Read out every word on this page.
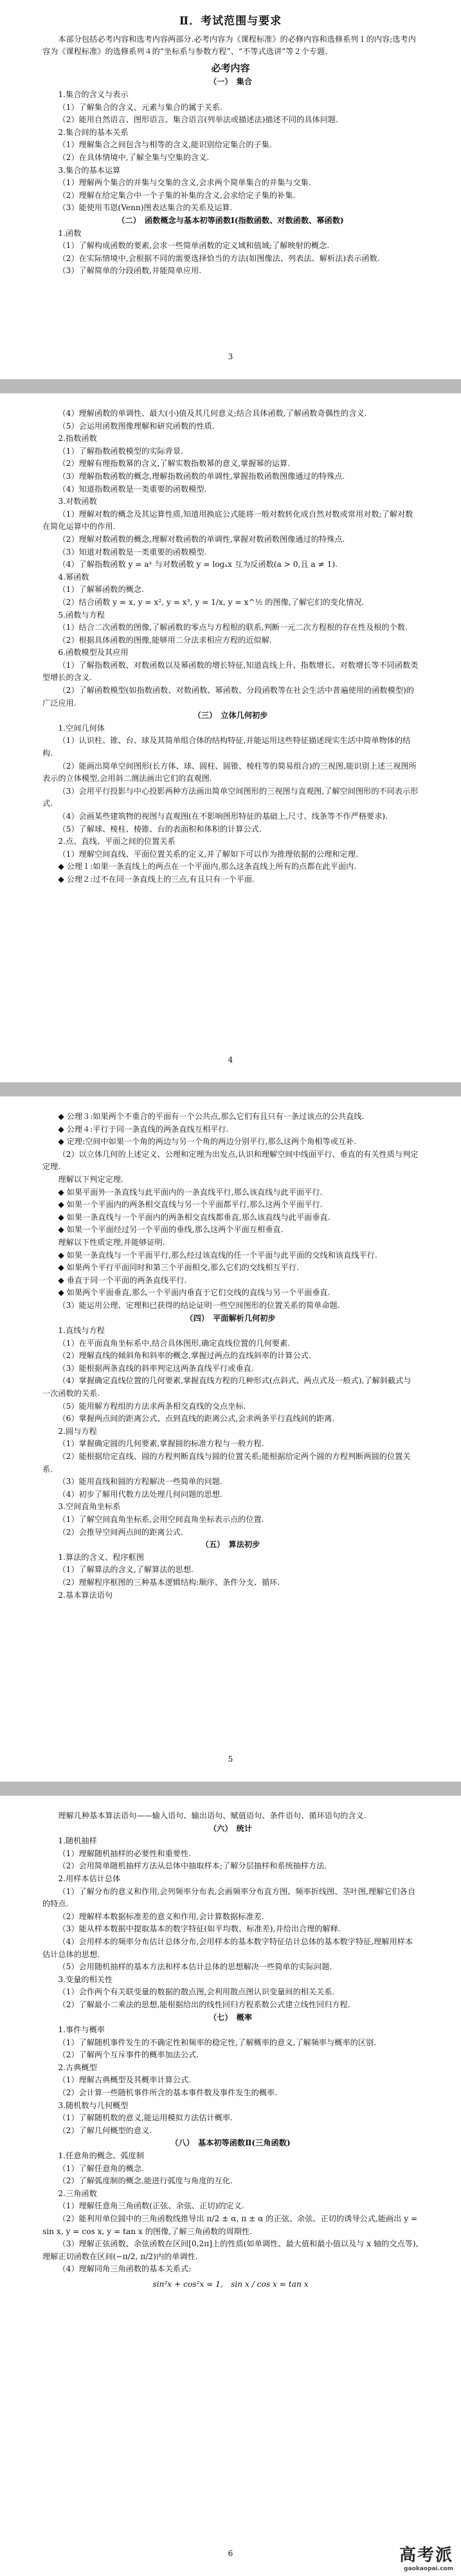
Ⅱ．考试范围与要求

本部分包括必考内容和选考内容两部分.必考内容为《课程标准》的必修内容和选修系列１的内容;选考内容为《课程标准》的选修系列４的“坐标系与参数方程”、“不等式选讲”等２个专题.

必考内容

（一）　集合

1.集合的含义与表示

（1）了解集合的含义、元素与集合的属于关系.

（2）能用自然语言、图形语言、集合语言(列举法或描述法)描述不同的具体问题.

2.集合间的基本关系

（1）理解集合之间包含与相等的含义,能识别给定集合的子集.

（2）在具体情境中,了解全集与空集的含义.

3.集合的基本运算

（1）理解两个集合的并集与交集的含义,会求两个简单集合的并集与交集.

（2）理解在给定集合中一个子集的补集的含义,会求给定子集的补集.

（3）能使用韦恩(Venn)图表达集合的关系及运算.

（二）　函数概念与基本初等函数Ⅰ(指数函数、对数函数、幂函数)

1.函数

（1）了解构成函数的要素,会求一些简单函数的定义域和值域;了解映射的概念.

（2）在实际情境中,会根据不同的需要选择恰当的方法(如图像法、列表法、解析法)表示函数.

（3）了解简单的分段函数,并能简单应用.

3

（4）理解函数的单调性、最大(小)值及其几何意义;结合具体函数,了解函数奇偶性的含义.

（5）会运用函数图像理解和研究函数的性质.

2.指数函数

（1）了解指数函数模型的实际背景.

（2）理解有理指数幂的含义,了解实数指数幂的意义,掌握幂的运算.

（3）理解指数函数的概念,理解指数函数的单调性,掌握指数函数图像通过的特殊点.

（4）知道指数函数是一类重要的函数模型.

3.对数函数

（1）理解对数的概念及其运算性质,知道用换底公式能将一般对数转化成自然对数或常用对数;了解对数在简化运算中的作用.

（2）理解对数函数的概念,理解对数函数的单调性,掌握对数函数图像通过的特殊点.

（3）知道对数函数是一类重要的函数模型.

（4）了解指数函数 y = aˣ 与对数函数 y = logₐx 互为反函数(a > 0,且 a ≠ 1).

4.幂函数

（1）了解幂函数的概念.

（2）结合函数 y = x, y = x², y = x³, y = 1/x, y = x^½ 的图像,了解它们的变化情况.

5.函数与方程

（1）结合二次函数的图像,了解函数的零点与方程根的联系,判断一元二次方程根的存在性及根的个数.

（2）根据具体函数的图像,能够用二分法求相应方程的近似解.

6.函数模型及其应用

（1）了解指数函数、对数函数以及幂函数的增长特征,知道直线上升、指数增长、对数增长等不同函数类型增长的含义.

（2）了解函数模型(如指数函数、对数函数、幂函数、分段函数等在社会生活中普遍使用的函数模型)的广泛应用.

（三）　立体几何初步

1.空间几何体

（1）认识柱、锥、台、球及其简单组合体的结构特征,并能运用这些特征描述现实生活中简单物体的结构.

（2）能画出简单空间图形(长方体、球、圆柱、圆锥、棱柱等的简易组合)的三视图,能识别上述三视图所表示的立体模型,会用斜二测法画出它们的直观图.

（3）会用平行投影与中心投影两种方法画出简单空间图形的三视图与直观图,了解空间图形的不同表示形式.

（4）会画某些建筑物的视图与直观图(在不影响图形特征的基础上,尺寸、线条等不作严格要求).

（5）了解球、棱柱、棱锥、台的表面积和体积的计算公式.

2.点、直线、平面之间的位置关系

（1）理解空间直线、平面位置关系的定义,并了解如下可以作为推理依据的公理和定理.

◆ 公理１:如果一条直线上的两点在一个平面内,那么这条直线上所有的点都在此平面内.

◆ 公理２:过不在同一条直线上的三点,有且只有一个平面.

4

◆ 公理３:如果两个不重合的平面有一个公共点,那么它们有且只有一条过该点的公共直线.

◆ 公理４:平行于同一条直线的两条直线互相平行.

◆ 定理:空间中如果一个角的两边与另一个角的两边分别平行,那么这两个角相等或互补.

（2）以立体几何的上述定义、公理和定理为出发点,认识和理解空间中线面平行、垂直的有关性质与判定定理.

理解以下判定定理.

◆ 如果平面外一条直线与此平面内的一条直线平行,那么该直线与此平面平行.

◆ 如果一个平面内的两条相交直线与另一个平面都平行,那么这两个平面平行.

◆ 如果一条直线与一个平面内的两条相交直线都垂直,那么该直线与此平面垂直.

◆ 如果一个平面经过另一个平面的垂线,那么这两个平面互相垂直.

理解以下性质定理,并能够证明.

◆ 如果一条直线与一个平面平行,那么经过该直线的任一个平面与此平面的交线和该直线平行.

◆ 如果两个平行平面同时和第三个平面相交,那么它们的交线相互平行.

◆ 垂直于同一个平面的两条直线平行.

◆ 如果两个平面垂直,那么一个平面内垂直于它们交线的直线与另一个平面垂直.

（3）能运用公理、定理和已获得的结论证明一些空间图形的位置关系的简单命题.

（四）　平面解析几何初步

1.直线与方程

（1）在平面直角坐标系中,结合具体图形,确定直线位置的几何要素.

（2）理解直线的倾斜角和斜率的概念,掌握过两点的直线斜率的计算公式.

（3）能根据两条直线的斜率判定这两条直线平行或垂直.

（4）掌握确定直线位置的几何要素,掌握直线方程的几种形式(点斜式、两点式及一般式),了解斜截式与一次函数的关系.

（5）能用解方程组的方法求两条相交直线的交点坐标.

（6）掌握两点间的距离公式、点到直线的距离公式,会求两条平行直线间的距离.

2.圆与方程

（1）掌握确定圆的几何要素,掌握圆的标准方程与一般方程.

（2）能根据给定直线、圆的方程判断直线与圆的位置关系;能根据给定两个圆的方程判断两圆的位置关系.

（3）能用直线和圆的方程解决一些简单的问题.

（4）初步了解用代数方法处理几何问题的思想.

3.空间直角坐标系

（1）了解空间直角坐标系,会用空间直角坐标表示点的位置.

（2）会推导空间两点间的距离公式.

（五）　算法初步

1.算法的含义、程序框图

（1）了解算法的含义,了解算法的思想.

（2）理解程序框图的三种基本逻辑结构:顺序、条件分支、循环.

2.基本算法语句

5

理解几种基本算法语句——输入语句、输出语句、赋值语句、条件语句、循环语句的含义.

（六）　统计

1.随机抽样

（1）理解随机抽样的必要性和重要性.

（2）会用简单随机抽样方法从总体中抽取样本;了解分层抽样和系统抽样方法.

2.用样本估计总体

（1）了解分布的意义和作用,会列频率分布表,会画频率分布直方图、频率折线图、茎叶图,理解它们各自的特点.

（2）理解样本数据标准差的意义和作用,会计算数据标准差.

（3）能从样本数据中提取基本的数字特征(如平均数、标准差),并给出合理的解释.

（4）会用样本的频率分布估计总体分布,会用样本的基本数字特征估计总体的基本数字特征,理解用样本估计总体的思想.

（5）会用随机抽样的基本方法和样本估计总体的思想解决一些简单的实际问题.

3.变量的相关性

（1）会作两个有关联变量的数据的散点图,会利用散点图认识变量间的相关关系.

（2）了解最小二乘法的思想,能根据给出的线性回归方程系数公式建立线性回归方程.

（七）　概率

1.事件与概率

（1）了解随机事件发生的不确定性和频率的稳定性,了解概率的意义,了解频率与概率的区别.

（2）了解两个互斥事件的概率加法公式.

2.古典概型

（1）理解古典概型及其概率计算公式.

（2）会计算一些随机事件所含的基本事件数及事件发生的概率.

3.随机数与几何概型

（1）了解随机数的意义,能运用模拟方法估计概率.

（2）了解几何概型的意义.

（八）　基本初等函数Ⅱ(三角函数)

1.任意角的概念、弧度制

（1）了解任意角的概念.

（2）了解弧度制的概念,能进行弧度与角度的互化.

2.三角函数

（1）理解任意角三角函数(正弦、余弦、正切)的定义.

（2）能利用单位圆中的三角函数线推导出 π/2 ± α, π ± α 的正弦、余弦、正切的诱导公式,能画出 y = sin x, y = cos x, y = tan x 的图像,了解三角函数的周期性.

（3）理解正弦函数、余弦函数在区间[0,2π]上的性质(如单调性、最大值和最小值以及与 x 轴的交点等),理解正切函数在区间(−π/2, π/2)内的单调性.

（4）理解同角三角函数的基本关系式:

sin²x + cos²x = 1,　sin x / cos x = tan x

6	高考派
gaokaopai.com
